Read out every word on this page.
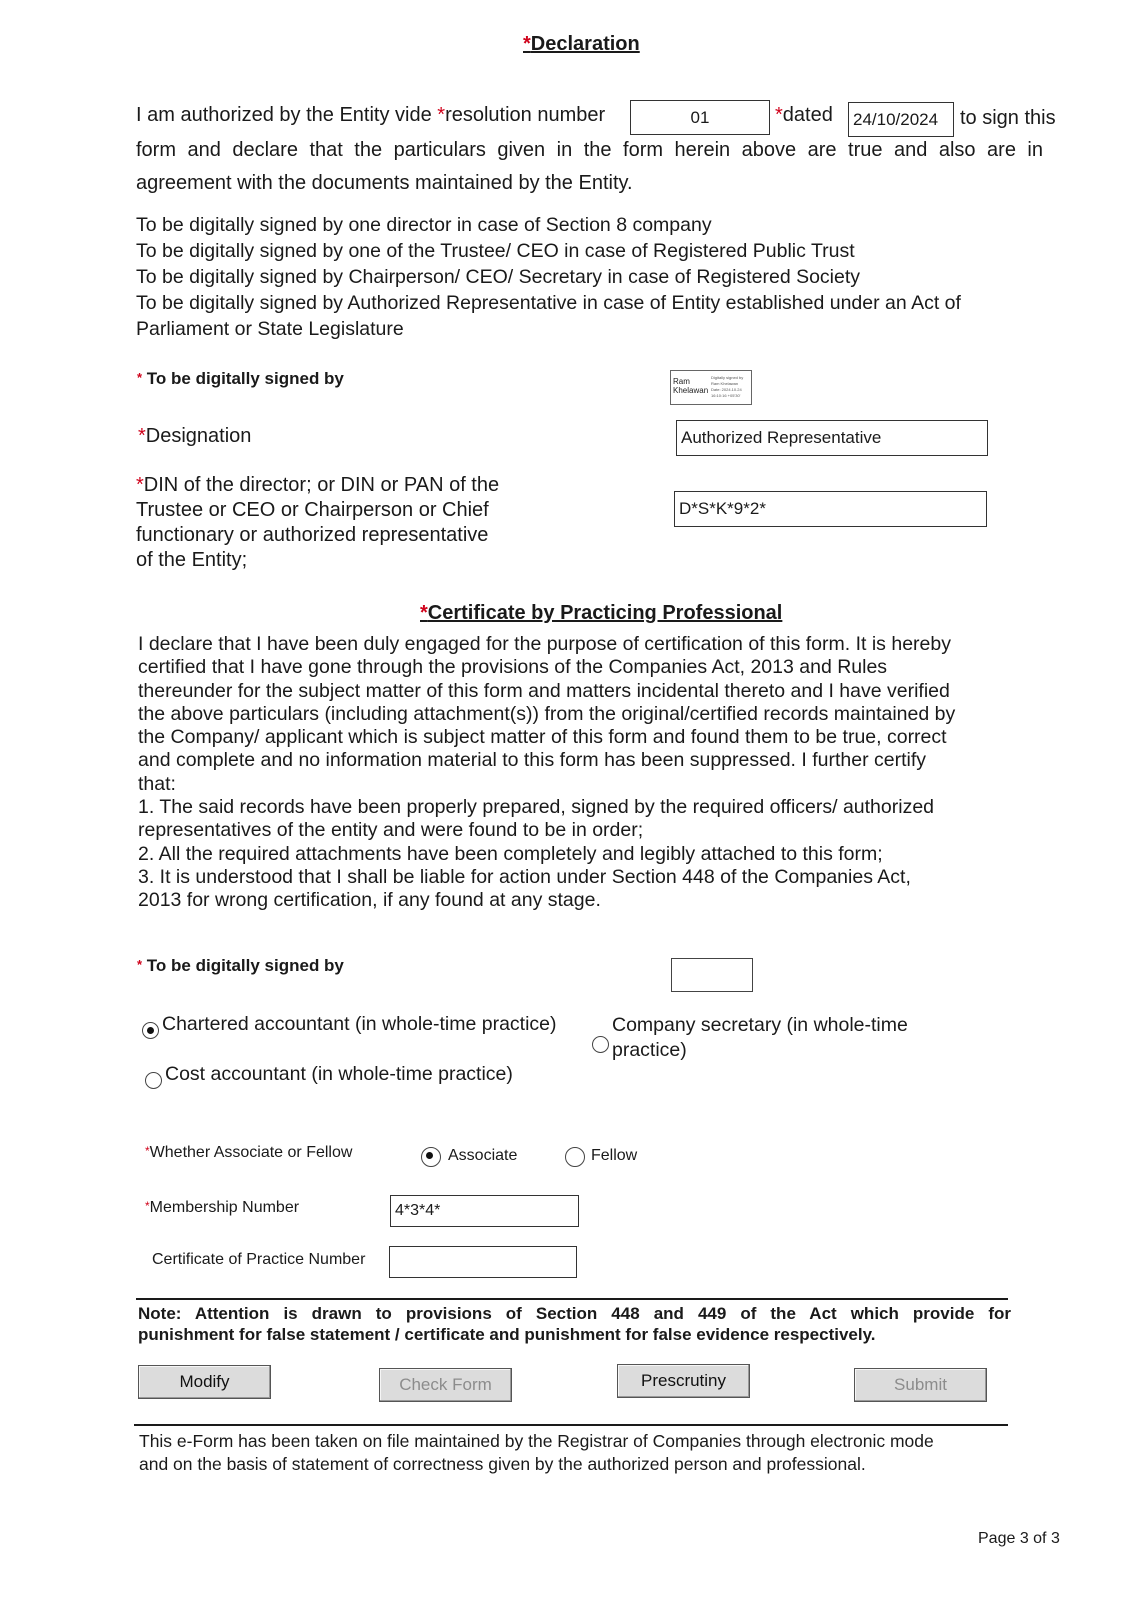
*Declaration
I am authorized by the Entity vide *resolution number	01	*dated 24/10/2024 to sign this
form and declare that the particulars given in the form herein above are true and also are in
agreement with the documents maintained by the Entity.
To be digitally signed by one director in case of Section 8 company
To be digitally signed by one of the Trustee/ CEO in case of Registered Public Trust
To be digitally signed by Chairperson/ CEO/ Secretary in case of Registered Society
To be digitally signed by Authorized Representative in case of Entity established under an Act of
Parliament or State Legislature
* To be digitally signed by	Ram
Khelawan
Digitally signed by
Ram Khelawan
Date: 2024.10.24
16:10:16 +05'30'
*Designation	Authorized Representative
*DIN of the director; or DIN or PAN of the
Trustee or CEO or Chairperson or Chief
functionary or authorized representative
of the Entity;
D*S*K*9*2*
*Certificate by Practicing Professional
I declare that I have been duly engaged for the purpose of certification of this form. It is hereby
certified that I have gone through the provisions of the Companies Act, 2013 and Rules
thereunder for the subject matter of this form and matters incidental thereto and I have verified
the above particulars (including attachment(s)) from the original/certified records maintained by
the Company/ applicant which is subject matter of this form and found them to be true, correct
and complete and no information material to this form has been suppressed. I further certify
that:
1. The said records have been properly prepared, signed by the required officers/ authorized
representatives of the entity and were found to be in order;
2. All the required attachments have been completely and legibly attached to this form;
3. It is understood that I shall be liable for action under Section 448 of the Companies Act,
2013 for wrong certification, if any found at any stage.
* To be digitally signed by
Chartered accountant (in whole-time practice)	Company secretary (in whole-time
practice)
Cost accountant (in whole-time practice)
*Whether Associate or Fellow	Associate	Fellow
*Membership Number	4*3*4*
Certificate of Practice Number
Note: Attention is drawn to provisions of Section 448 and 449 of the Act which provide for
punishment for false statement / certificate and punishment for false evidence respectively.
Modify	Check Form	Prescrutiny	Submit
This e-Form has been taken on file maintained by the Registrar of Companies through electronic mode
and on the basis of statement of correctness given by the authorized person and professional.
Page 3 of 3
